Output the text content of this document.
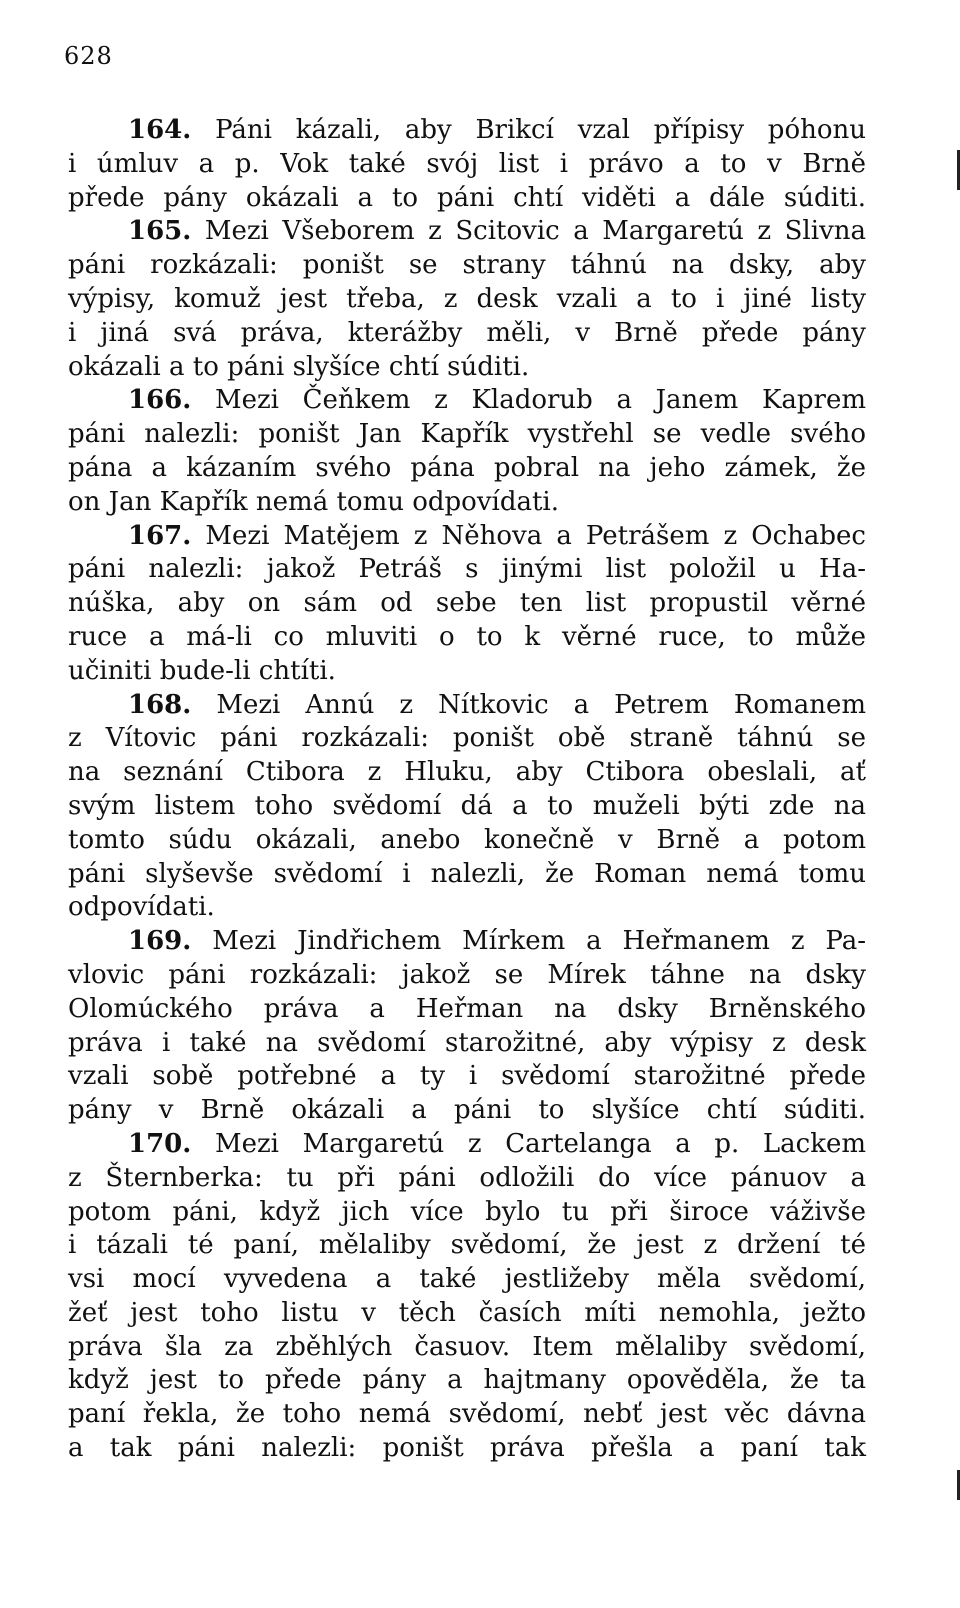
628
164. Páni kázali, aby Brikcí vzal přípisy póhonu
i úmluv a p. Vok také svój list i právo a to v Brně
přede pány okázali a to páni chtí viděti a dále súditi.
165. Mezi Všeborem z Scitovic a Margaretú z Slivna
páni rozkázali: poništ se strany táhnú na dsky, aby
výpisy, komuž jest třeba, z desk vzali a to i jiné listy
i jiná svá práva, kterážby měli, v Brně přede pány
okázali a to páni slyšíce chtí súditi.
166. Mezi Čeňkem z Kladorub a Janem Kaprem
páni nalezli: poništ Jan Kapřík vystřehl se vedle svého
pána a kázaním svého pána pobral na jeho zámek, že
on Jan Kapřík nemá tomu odpovídati.
167. Mezi Matějem z Něhova a Petrášem z Ochabec
páni nalezli: jakož Petráš s jinými list položil u Ha-
núška, aby on sám od sebe ten list propustil věrné
ruce a má-li co mluviti o to k věrné ruce, to může
učiniti bude-li chtíti.
168. Mezi Annú z Nítkovic a Petrem Romanem
z Vítovic páni rozkázali: poništ obě straně táhnú se
na seznání Ctibora z Hluku, aby Ctibora obeslali, ať
svým listem toho svědomí dá a to muželi býti zde na
tomto súdu okázali, anebo konečně v Brně a potom
páni slyševše svědomí i nalezli, že Roman nemá tomu
odpovídati.
169. Mezi Jindřichem Mírkem a Heřmanem z Pa-
vlovic páni rozkázali: jakož se Mírek táhne na dsky
Olomúckého práva a Heřman na dsky Brněnského
práva i také na svědomí starožitné, aby výpisy z desk
vzali sobě potřebné a ty i svědomí starožitné přede
pány v Brně okázali a páni to slyšíce chtí súditi.
170. Mezi Margaretú z Cartelanga a p. Lackem
z Šternberka: tu při páni odložili do více pánuov a
potom páni, když jich více bylo tu při široce váživše
i tázali té paní, mělaliby svědomí, že jest z držení té
vsi mocí vyvedena a také jestližeby měla svědomí,
žeť jest toho listu v těch časích míti nemohla, ježto
práva šla za zběhlých časuov. Item mělaliby svědomí,
když jest to přede pány a hajtmany opověděla, že ta
paní řekla, že toho nemá svědomí, nebť jest věc dávna
a tak páni nalezli: poništ práva přešla a paní tak
